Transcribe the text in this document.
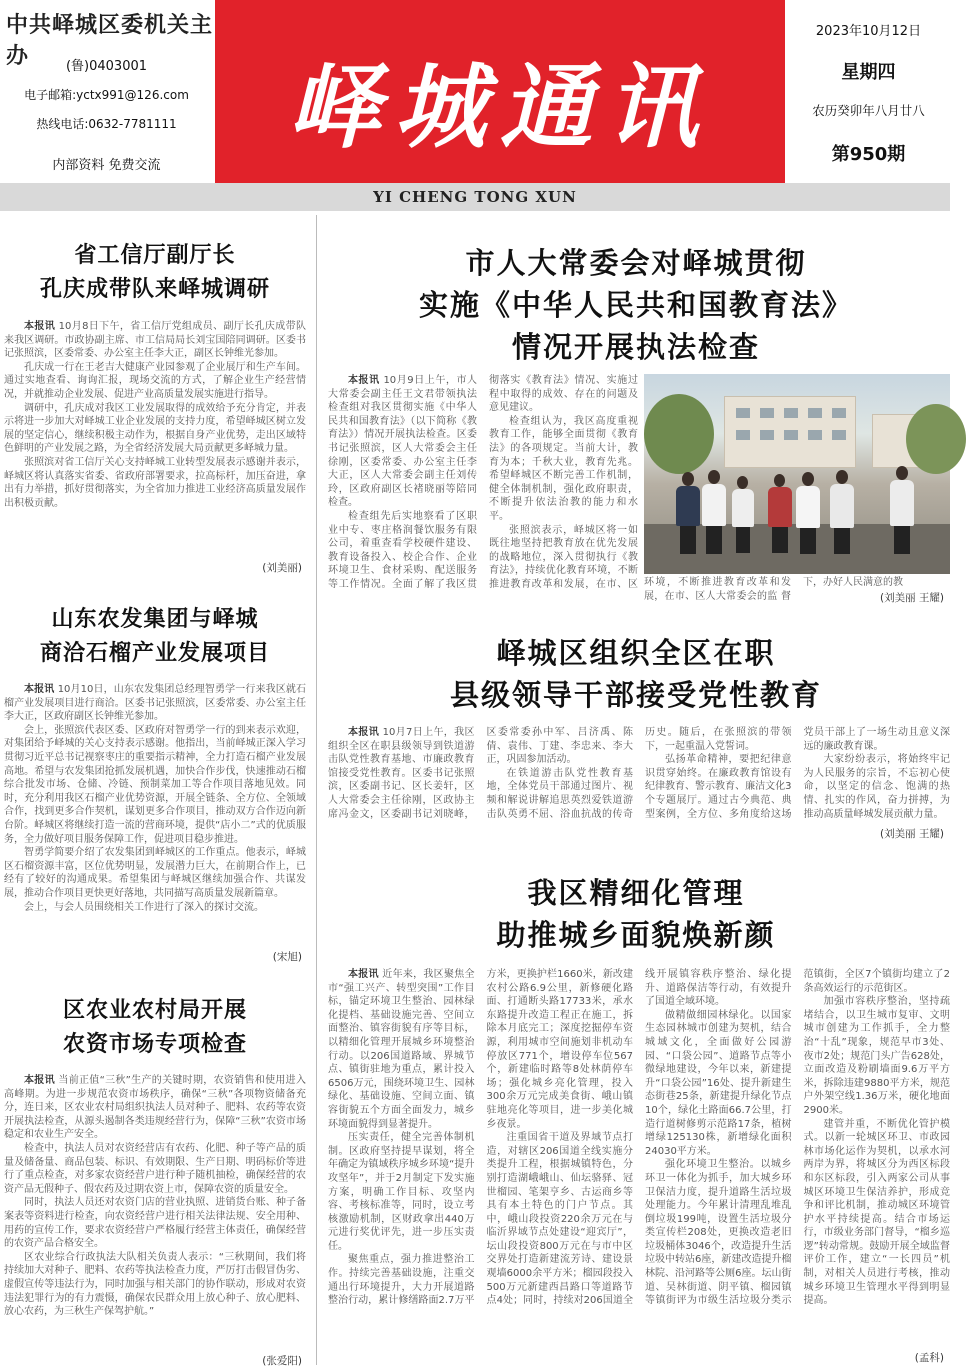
中共峄城区委机关主办	(鲁)0403001
电子邮箱:yctx991@126.com
热线电话:0632-7781111
内部资料 免费交流
峄城通讯
2023年10月12日
星期四
农历癸卯年八月廿八
第950期
YI CHENG TONG XUN
省工信厅副厅长
孔庆成带队来峄城调研

本报讯 10月8日下午，省工信厅党组成员、副厅长孔庆成带队来我区调研。市政协副主席、市工信局局长刘宝国陪同调研。区委书记张照滨，区委常委、办公室主任李大正，副区长钟维光参加。

孔庆成一行在王老吉大健康产业园参观了企业展厅和生产车间。通过实地查看、询询汇报，现场交流的方式，了解企业生产经营情况，并就推动企业发展、促进产业高质量发展实施进行指导。

调研中，孔庆成对我区工业发展取得的成效给予充分肯定，并表示将进一步加大对峄城工业企业发展的支持力度，希望峄城区树立发展的坚定信心，继续积极主动作为，根据自身产业优势，走出区域特色鲜明的产业发展之路，为全省经济发展大局贡献更多峄城力量。

张照滨对省工信厅关心支持峄城工业转型发展表示感谢并表示，峄城区将认真落实省委、省政府部署要求，拉高标杆，加压奋进，拿出有力举措，抓好贯彻落实，为全省加力推进工业经济高质量发展作出积极贡献。

(刘美丽)
山东农发集团与峄城
商洽石榴产业发展项目

本报讯 10月10日，山东农发集团总经理智勇学一行来我区就石榴产业发展项目进行商洽。区委书记张照滨，区委常委、办公室主任李大正，区政府副区长钟维光参加。

会上，张照滨代表区委、区政府对智勇学一行的到来表示欢迎，对集团给予峄城的关心支持表示感谢。他指出，当前峄城正深入学习贯彻习近平总书记视察枣庄的重要指示精神，全力打造石榴产业发展高地。希望与农发集团抢抓发展机遇，加快合作步伐，快速推动石榴综合批发市场、仓储、冷链、预制菜加工等合作项目落地见效。同时，充分利用我区石榴产业优势资源，开展全链条、全方位、全领域合作，找到更多合作契机，谋划更多合作项目，推动双方合作迈向新台阶。峄城区将继续打造一流的营商环境，提供“店小二”式的优质服务，全力做好项目服务保障工作，促进项目稳步推进。

智勇学简要介绍了农发集团到峄城区的工作重点。他表示，峄城区石榴资源丰富，区位优势明显，发展潜力巨大，在前期合作上，已经有了较好的沟通成果。希望集团与峄城区继续加强合作、共谋发展，推动合作项目更快更好落地，共同描写高质量发展新篇章。

会上，与会人员围绕相关工作进行了深入的探讨交流。

(宋旭)
区农业农村局开展
农资市场专项检查

本报讯 当前正值“三秋”生产的关键时期，农资销售和使用进入高峰期。为进一步规范农资市场秩序，确保“三秋”各项物资储备充分，连日来，区农业农村局组织执法人员对种子、肥料、农药等农资开展执法检查，从源头遏制各类违规经营行为，保障“三秋”农资市场稳定和农业生产安全。

检查中，执法人员对农资经营店有农药、化肥、种子等产品的质量及储备量、商品包装、标识、有效期限、生产日期、明码标价等进行了重点检查，对多家农资经营户进行种子随机抽检，确保经营的农资产品无假种子、假农药及过期农资上市，保障农资的质量安全。

同时，执法人员还对农资门店的营业执照、进销货台账、种子备案表等资料进行检查，向农资经营户进行相关法律法规、安全用种、用药的宣传工作，要求农资经营户严格履行经营主体责任，确保经营的农资产品合格安全。

区农业综合行政执法大队相关负责人表示：“三秋期间，我们将持续加大对种子、肥料、农药等执法检查力度，严厉打击假冒伪劣、虚假宣传等违法行为，同时加强与相关部门的协作联动，形成对农资违法犯罪行为的有力震慑，确保农民群众用上放心种子、放心肥料、放心农药，为三秋生产保驾护航。”

(张爱阳)
市人大常委会对峄城贯彻
实施《中华人民共和国教育法》
情况开展执法检查

本报讯 10月9日上午，市人大常委会副主任王文君带领执法检查组对我区贯彻实施《中华人民共和国教育法》（以下简称《教育法》）情况开展执法检查。区委书记张照滨，区人大常委会主任徐刚，区委常委、办公室主任李大正，区人大常委会副主任刘传玲，区政府副区长褚晓丽等陪同检查。

检查组先后实地察看了区职业中专、枣庄格润餐饮服务有限公司，着重查看学校硬件建设、教育设备投入、校企合作、企业环境卫生、食材采购、配送服务等工作情况。全面了解了我区贯彻落实《教育法》情况、实施过程中取得的成效、存在的问题及意见建议。

检查组认为，我区高度重视教育工作，能够全面贯彻《教育法》的各项规定。当前大计，教育为本；千秋大业，教育先兆。希望峄城区不断完善工作机制，健全体制机制，强化政府职责，不断提升依法治教的能力和水平。

张照滨表示，峄城区将一如既往地坚持把教育放在优先发展的战略地位，深入贯彻执行《教育法》，持续优化教育环境，不断推进教育改革和发展，在市、区 环境，不断推进教育改革和发展，在市、区人大常委会的监 督下，办好人民满意的教
(刘美丽 王耀)
峄城区组织全区在职
县级领导干部接受党性教育

本报讯 10月7日上午，我区组织全区在职县级领导到铁道游击队党性教育基地、市廉政教育馆接受党性教育。区委书记张照滨，区委副书记、区长姜轩，区人大常委会主任徐刚，区政协主席冯金文，区委副书记刘晓峰，区委常委孙中军、吕济禹、陈倩、袁伟、丁建、李忠来、李大正，巩固参加活动。

在铁道游击队党性教育基地，全体党员干部通过图片、视频和解说讲解追思英烈爱铁道游击队英勇不屈、浴血抗战的传奇历史。随后，在张照滨的带领下，一起重温入党誓词。

弘扬革命精神，要把纪律意识贯穿始终。在廉政教育馆设有纪律教育、警示教育、廉洁文化3个专题展厅。通过古今典范、典型案例，全方位、多角度给这场党员干部上了一场生动且意义深远的廉政教育课。

大家纷纷表示，将始终牢记为人民服务的宗旨，不忘初心使命，以坚定的信念、饱满的热情、扎实的作风，奋力拼搏，为推动高质量峄城发展贡献力量。

(刘美丽 王耀)
我区精细化管理
助推城乡面貌焕新颜

本报讯 近年来，我区聚焦全市“强工兴产、转型突围”工作目标，锚定环境卫生整治、园林绿化提档、基础设施完善、空间立面整治、镇容街貌有序等目标，以精细化管理开展城乡环境整治行动。以206国道路域、界城节点、镇街驻地为重点，累计投入6506万元，围绕环境卫生、园林绿化、基础设施、空间立面、镇容街貌五个方面全面发力，城乡环境面貌得到显著提升。

压实责任，健全完善体制机制。区政府坚持提早谋划，将全年确定为镇域秩序城乡环境“提升攻坚年”，并于2月制定下发实施方案，明确工作目标、攻坚内容、考核标准等，同时，设立考核激励机制，区财政拿出440万元进行奖优评先，进一步压实责任。

聚焦重点，强力推进整治工作。持续完善基础设施，注重交通出行环境提升，大力开展道路整治行动，累计修缮路面2.7万平方米，更换护栏1660米，新改建农村公路6.9公里，新修硬化路面、打通断头路17733米，承水东路提升改造工程正在施工，拆除本月底完工；深度挖掘停车资源，利用城市空间施划非机动车停放区771个，增设停车位567个，新建临时路等8处林荫停车场；强化城乡亮化管理，投入300余万元完成美食街、峨山镇驻地亮化等项目，进一步美化城乡夜景。

注重国省干道及界域节点打造，对辖区206国道全线实施分类提升工程，根据城镇特色，分别打造湖峨峨山、仙坛骆驿、冠世榴园、笔架亨乡、古运商乡等具有本土特色的门户节点。其中，峨山段投资220余万元在与临沂界域节点处建设“迎宾厅”，坛山段投资800万元在与市中区交界处打造新建流芳诗、建设景观墙6000余平方米；榴园段投入500万元新建西昌路口等道路节点4处；同时，持续对206国道全线开展镇容秩序整治、绿化提升、道路保洁等行动，有效提升了国道全域环境。

做精做细园林绿化。以国家生态园林城市创建为契机，结合城域文化，全面做好公园游园、“口袋公园”、道路节点等小微绿地建设，今年以来，新建提升“口袋公园”16处、提升新建生态街巷25条，新建提升绿化节点10个，绿化土路面66.7公里，打造行道树修剪示范路17条，植树增绿125130株，新增绿化面积24030平方米。

强化环境卫生整治。以城乡环卫一体化为抓手，加大城乡环卫保洁力度，提升道路生活垃圾处理能力。今年累计清理乱堆乱倒垃圾199吨，设置生活垃圾分类宣传栏208处，更换改造老旧垃圾桶体3046个，改造提升生活垃圾中转站6座，新建改造提升榴林院、沿河路等公厕6座。坛山街道、吴林街道、阴平镇、榴园镇等镇街评为市级生活垃圾分类示范镇街，全区7个镇街均建立了2条高效运行的示范街区。

加强市容秩序整治，坚持疏堵结合，以卫生城市复审、文明城市创建为工作抓手，全力整治“十乱”现象，规范早市3处、夜市2处；规范门头广告628处，立面改造及粉刷墙面9.6万平方米，拆除违建9880平方米，规范户外架空线1.36万米，硬化地面2900米。

建管并重，不断优化管护模式。以新一轮城区环卫、市政园林市场化运作为契机，以承水河两岸为界，将城区分为西区标段和东区标段，引入两家公司从事城区环境卫生保洁养护，形成竞争和评比机制，推动城区环境管护水平持续提高。结合市场运行，市级业务部门督导，“榴乡巡逻”转动常规。鼓励开展全域监督评价工作，建立“一长四员”机制，对相关人员进行考核，推动城乡环境卫生管理水平得到明显提高。

(孟科)
